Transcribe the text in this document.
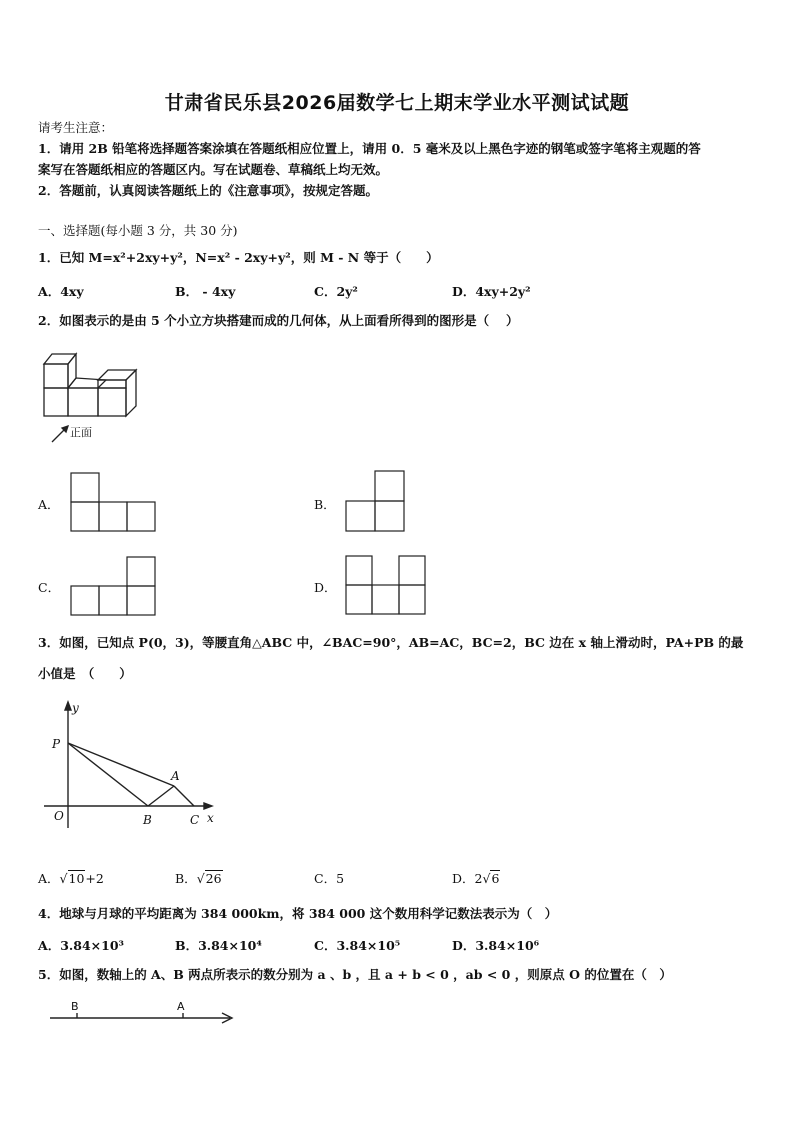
甘肃省民乐县2026届数学七上期末学业水平测试试题
请考生注意：
1．请用 2B 铅笔将选择题答案涂填在答题纸相应位置上，请用 0．5 毫米及以上黑色字迹的钢笔或签字笔将主观题的答
案写在答题纸相应的答题区内。写在试题卷、草稿纸上均无效。
2．答题前，认真阅读答题纸上的《注意事项》，按规定答题。
一、选择题(每小题 3 分，共 30 分)
1．已知 M=x²+2xy+y²，N=x² - 2xy+y²，则 M - N 等于（　　）
A．4xy	B． - 4xy	C．2y²	D．4xy+2y²
2．如图表示的是由 5 个小立方块搭建而成的几何体，从上面看所得到的图形是（　 ）
正面
A．	B．
C．	D．
3．如图，已知点 P(0，3)，等腰直角△ABC 中，∠BAC=90°，AB=AC，BC=2，BC 边在 x 轴上滑动时，PA+PB 的最
小值是　（　　）
y
P
A
O	B	C x
A．√10+2	B．√26	C．5	D．2√6
4．地球与月球的平均距离为 384 000km，将 384 000 这个数用科学记数法表示为（　）
A．3.84×10³	B．3.84×10⁴	C．3.84×10⁵	D．3.84×10⁶
5．如图，数轴上的 A、B 两点所表示的数分别为 a 、b ，且 a + b < 0 ，ab < 0 ，则原点 O 的位置在（　）
B	A
